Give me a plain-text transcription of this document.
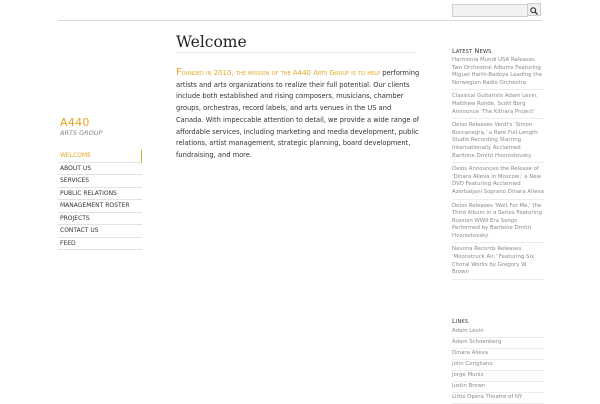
A440
ARTS GROUP
WELCOME
ABOUT US
SERVICES
PUBLIC RELATIONS
MANAGEMENT ROSTER
PROJECTS
CONTACT US
FEED
Welcome

Founded in 2010, the mission of the A440 Arts Group is to help performing artists and arts organizations to realize their full potential. Our clients include both established and rising composers, musicians, chamber groups, orchestras, record labels, and arts venues in the US and Canada. With impeccable attention to detail, we provide a wide range of affordable services, including marketing and media development, public relations, artist management, strategic planning, board development, fundraising, and more.

Latest News
Harmonia Mundi USA Releases Two Orchestral Albums Featuring Miguel Harth-Bedoya Leading the Norwegian Radio Orchestra
Classical Guitarists Adam Levin, Matthew Rohde, Scott Borg Announce 'The Kithara Project'
Delos Releases Verdi's 'Simon Boccanegra,' a Rare Full-Length Studio Recording Starring Internationally Acclaimed Baritone Dmitri Hvorostovsky
Delos Announces the Release of 'Dinara Alieva in Moscow,' a New DVD Featuring Acclaimed Azerbaijani Soprano Dinara Alieva
Delos Releases 'Wait For Me,' the Third Album in a Series Featuring Russian WWII Era Songs Performed by Baritone Dmitri Hvorostovsky
Navona Records Releases 'Moonstruck Air,' Featuring Six Choral Works by Gregory W. Brown
Links
Adam Levin
Adam Schoenberg
Dinara Alieva
John Corigliano
Jorge Muniz
Justin Brown
Little Opera Theatre of NY
